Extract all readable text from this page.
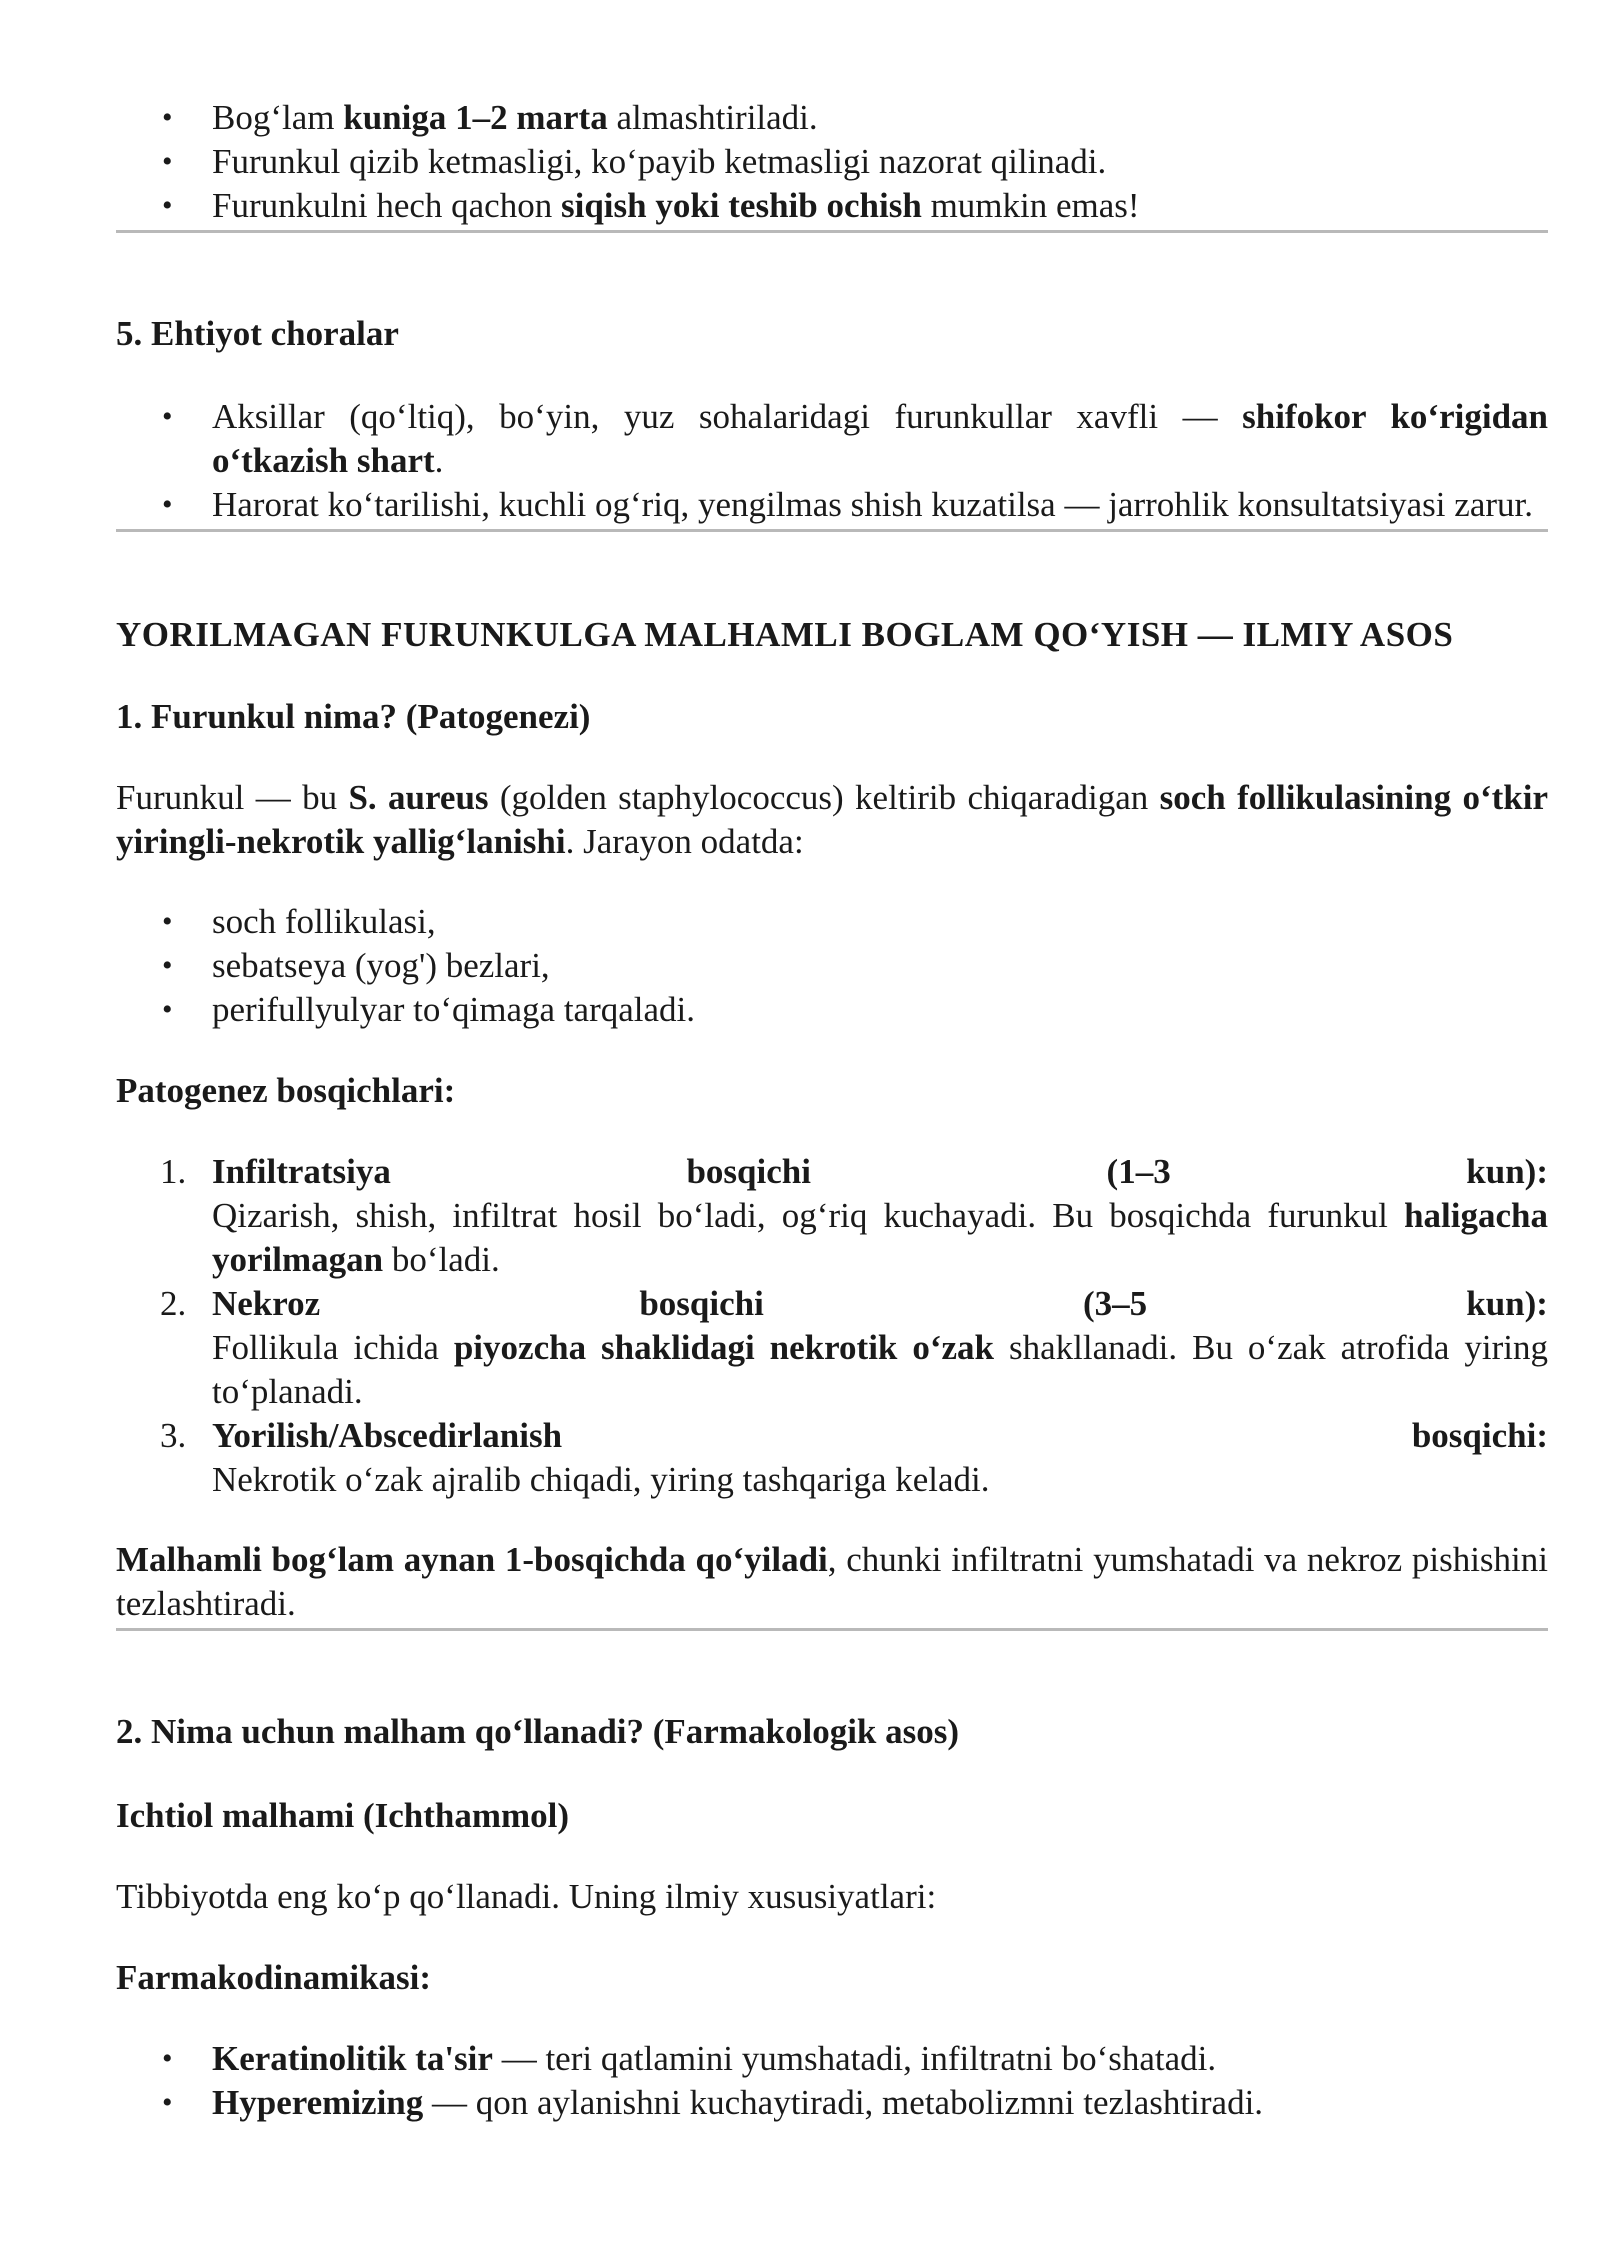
• Bog‘lam kuniga 1–2 marta almashtiriladi.
• Furunkul qizib ketmasligi, ko‘payib ketmasligi nazorat qilinadi.
• Furunkulni hech qachon siqish yoki teshib ochish mumkin emas!
5. Ehtiyot choralar
• Aksillar (qo‘ltiq), bo‘yin, yuz sohalaridagi furunkullar xavfli — shifokor ko‘rigidan o‘tkazish shart.
• Harorat ko‘tarilishi, kuchli og‘riq, yengilmas shish kuzatilsa — jarrohlik konsultatsiyasi zarur.
YORILMAGAN FURUNKULGA MALHAMLI BOGLAM QO‘YISH — ILMIY ASOS
1. Furunkul nima? (Patogenezi)

Furunkul — bu S. aureus (golden staphylococcus) keltirib chiqaradigan soch follikulasining o‘tkir yiringli-nekrotik yallig‘lanishi. Jarayon odatda:

• soch follikulasi,
• sebatseya (yog') bezlari,
• perifullyulyar to‘qimaga tarqaladi.
Patogenez bosqichlari:
1. Infiltratsiya	bosqichi	(1–3	kun):
Qizarish, shish, infiltrat hosil bo‘ladi, og‘riq kuchayadi. Bu bosqichda furunkul haligacha yorilmagan bo‘ladi.
2. Nekroz	bosqichi	(3–5	kun):
Follikula ichida piyozcha shaklidagi nekrotik o‘zak shakllanadi. Bu o‘zak atrofida yiring to‘planadi.
3. Yorilish/Abscedirlanish	bosqichi:
Nekrotik o‘zak ajralib chiqadi, yiring tashqariga keladi.

Malhamli bog‘lam aynan 1-bosqichda qo‘yiladi, chunki infiltratni yumshatadi va nekroz pishishini tezlashtiradi.

2. Nima uchun malham qo‘llanadi? (Farmakologik asos)
Ichtiol malhami (Ichthammol)

Tibbiyotda eng ko‘p qo‘llanadi. Uning ilmiy xususiyatlari:

Farmakodinamikasi:
• Keratinolitik ta'sir — teri qatlamini yumshatadi, infiltratni bo‘shatadi.
• Hyperemizing — qon aylanishni kuchaytiradi, metabolizmni tezlashtiradi.
